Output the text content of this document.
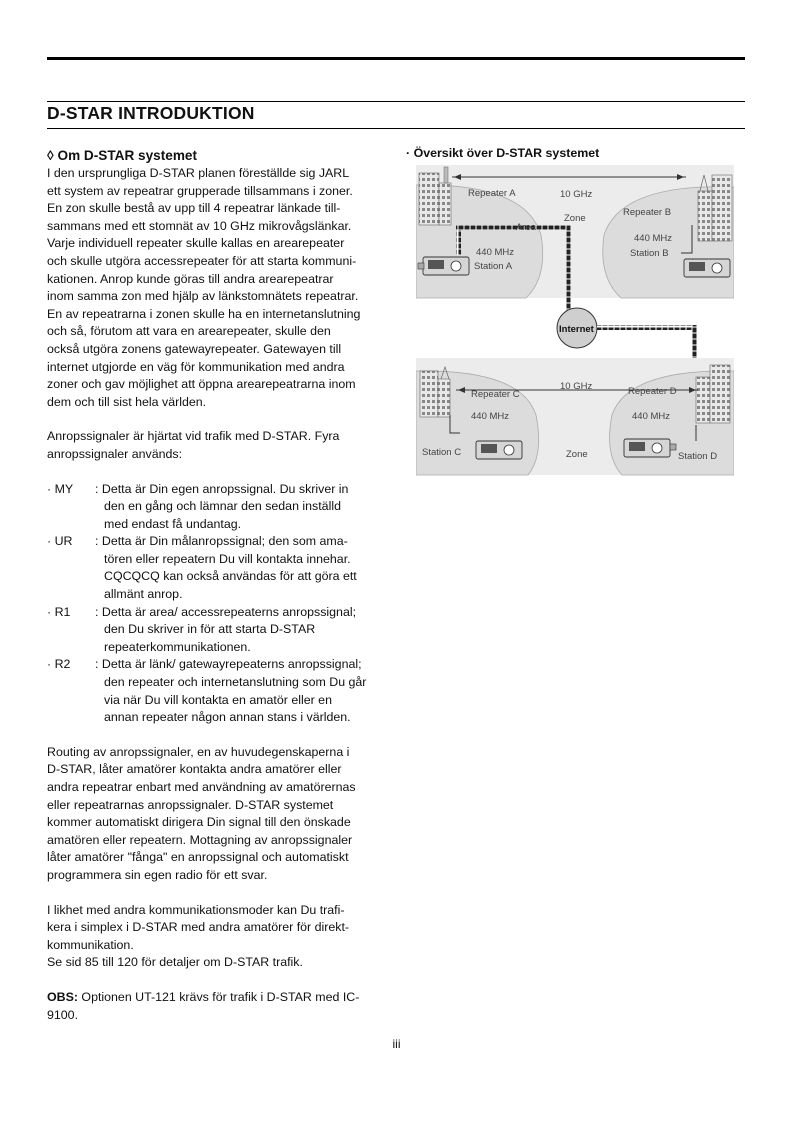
D-STAR INTRODUKTION
◊ Om D-STAR systemet
I den ursprungliga D-STAR planen föreställde sig JARL
ett system av repeatrar grupperade tillsammans i zoner.
En zon skulle bestå av upp till 4 repeatrar länkade till-
sammans med ett stomnät av 10 GHz mikrovågslänkar.
Varje individuell repeater skulle kallas en arearepeater
och skulle utgöra accessrepeater för att starta kommuni-
kationen. Anrop kunde göras till andra arearepeatrar
inom samma zon med hjälp av länkstomnätets repeatrar.
En av repeatrarna i zonen skulle ha en internetanslutning
och så, förutom att vara en arearepeater, skulle den
också utgöra zonens gatewayrepeater. Gatewayen till
internet utgjorde en väg för kommunikation med andra
zoner och gav möjlighet att öppna arearepeatrarna inom
dem och till sist hela världen.
Anropssignaler är hjärtat vid trafik med D-STAR. Fyra
anropssignaler används:
· MY	: Detta är Din egen anropssignal. Du skriver in
den en gång och lämnar den sedan inställd
med endast få undantag.
· UR	: Detta är Din målanropssignal; den som ama-
tören eller repeatern Du vill kontakta innehar.
CQCQCQ kan också användas för att göra ett
allmänt anrop.
· R1	: Detta är area/ accessrepeaterns anropssignal;
den Du skriver in för att starta D-STAR
repeaterkommunikationen.
· R2	: Detta är länk/ gatewayrepeaterns anropssignal;
den repeater och internetanslutning som Du går
via när Du vill kontakta en amatör eller en
annan repeater någon annan stans i världen.
Routing av anropssignaler, en av huvudegenskaperna i
D-STAR, låter amatörer kontakta andra amatörer eller
andra repeatrar enbart med användning av amatörernas
eller repeatrarnas anropssignaler. D-STAR systemet
kommer automatiskt dirigera Din signal till den önskade
amatören eller repeatern. Mottagning av anropssignaler
låter amatörer "fånga" en anropssignal och automatiskt
programmera sin egen radio för ett svar.
I likhet med andra kommunikationsmoder kan Du trafi-
kera i simplex i D-STAR med andra amatörer för direkt-
kommunikation.
Se sid 85 till 120 för detaljer om D-STAR trafik.
OBS: Optionen UT-121 krävs för trafik i D-STAR med IC-
9100.
· Översikt över D-STAR systemet
Repeater A	10 GHz
Zone
Area
Repeater B
440 MHz
Station A
440 MHz
Station B
Internet
Repeater C
10 GHz	Repeater D
440 MHz	440 MHz
Station C	Zone	Station D
iii
